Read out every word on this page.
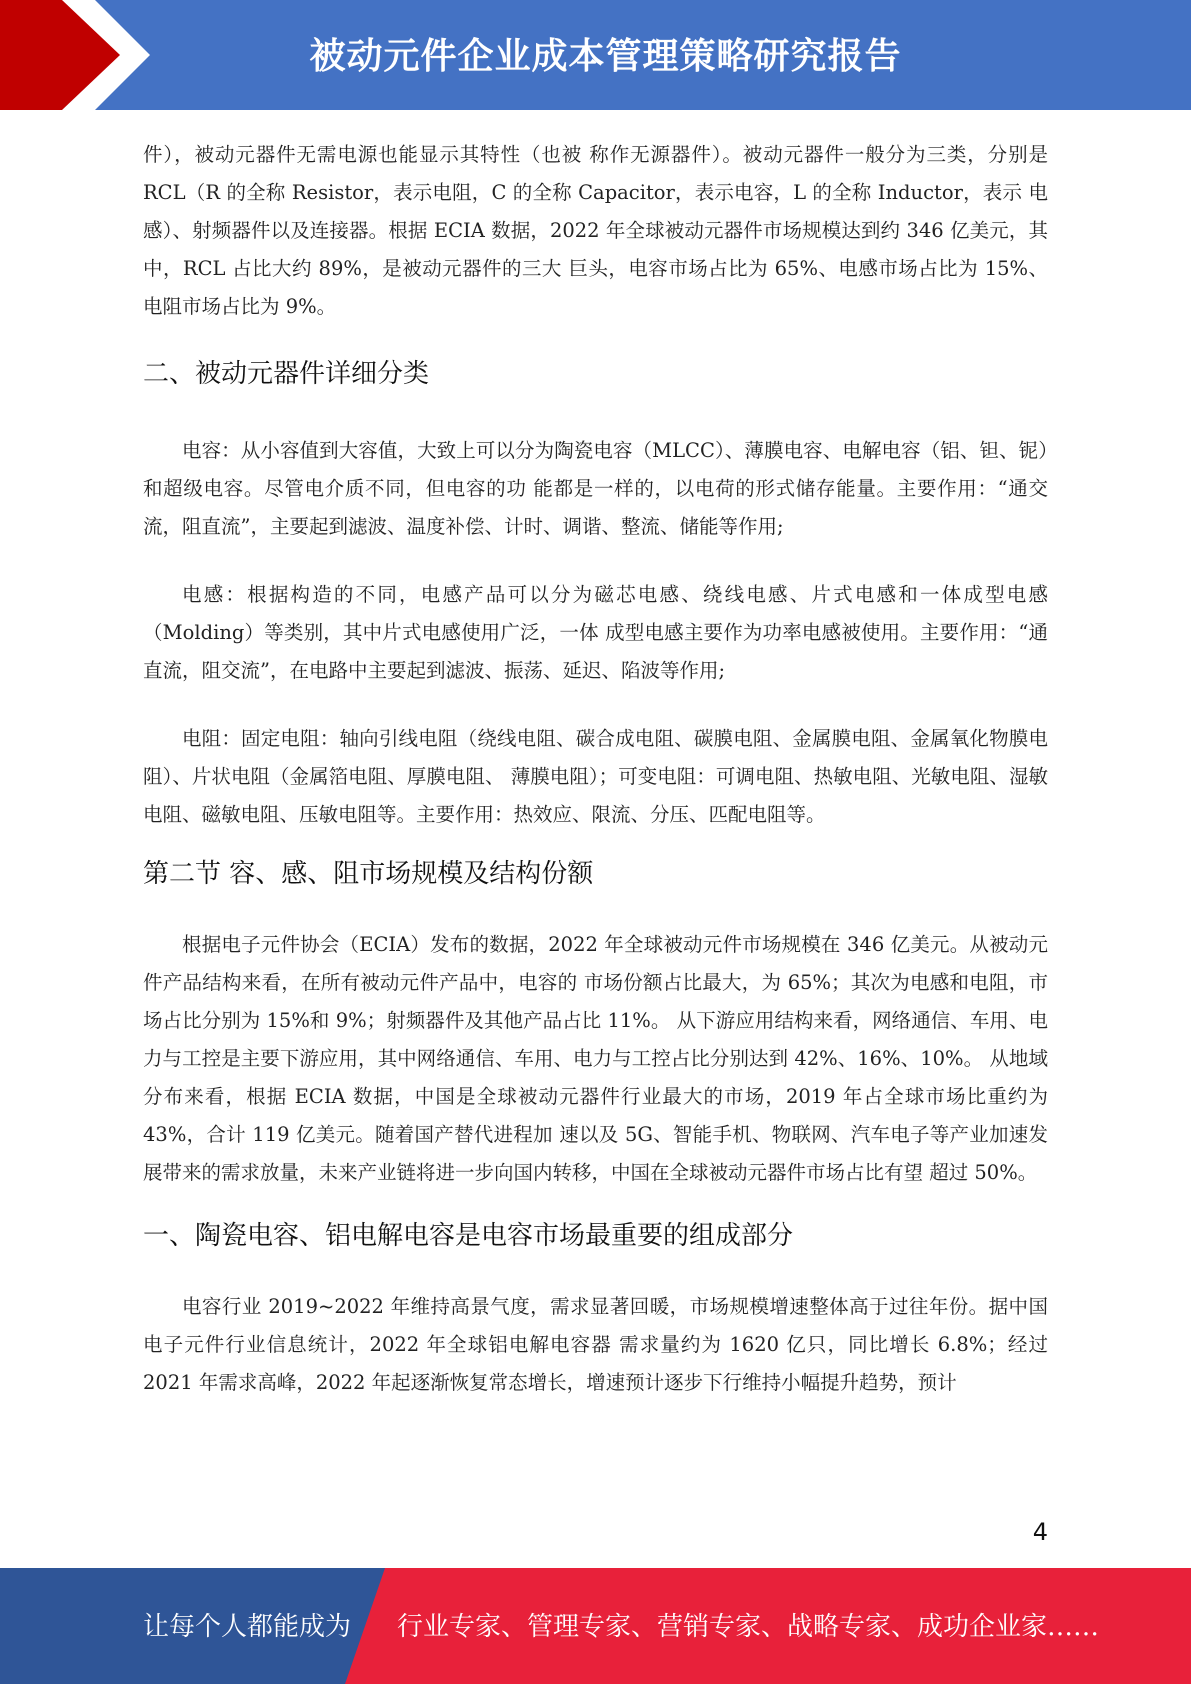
被动元件企业成本管理策略研究报告

件），被动元器件无需电源也能显示其特性（也被 称作无源器件）。被动元器件一般分为三类，分别是 RCL（R 的全称 Resistor，表示电阻，C 的全称 Capacitor，表示电容，L 的全称 Inductor，表示 电感）、射频器件以及连接器。根据 ECIA 数据，2022 年全球被动元器件市场规模达到约 346 亿美元，其中，RCL 占比大约 89%，是被动元器件的三大 巨头，电容市场占比为 65%、电感市场占比为 15%、电阻市场占比为 9%。

二、被动元器件详细分类

电容：从小容值到大容值，大致上可以分为陶瓷电容（MLCC）、薄膜电容、电解电容（铝、钽、铌）和超级电容。尽管电介质不同，但电容的功 能都是一样的，以电荷的形式储存能量。主要作用：“通交流，阻直流”，主要起到滤波、温度补偿、计时、调谐、整流、储能等作用;

电感：根据构造的不同，电感产品可以分为磁芯电感、绕线电感、片式电感和一体成型电感（Molding）等类别，其中片式电感使用广泛，一体 成型电感主要作为功率电感被使用。主要作用：“通直流，阻交流”，在电路中主要起到滤波、振荡、延迟、陷波等作用;

电阻：固定电阻：轴向引线电阻（绕线电阻、碳合成电阻、碳膜电阻、金属膜电阻、金属氧化物膜电阻）、片状电阻（金属箔电阻、厚膜电阻、 薄膜电阻）；可变电阻：可调电阻、热敏电阻、光敏电阻、湿敏电阻、磁敏电阻、压敏电阻等。主要作用：热效应、限流、分压、匹配电阻等。

第二节 容、感、阻市场规模及结构份额

根据电子元件协会（ECIA）发布的数据，2022 年全球被动元件市场规模在 346 亿美元。从被动元件产品结构来看，在所有被动元件产品中，电容的 市场份额占比最大，为 65%；其次为电感和电阻，市场占比分别为 15%和 9%；射频器件及其他产品占比 11%。 从下游应用结构来看，网络通信、车用、电力与工控是主要下游应用，其中网络通信、车用、电力与工控占比分别达到 42%、16%、10%。 从地域分布来看，根据 ECIA 数据，中国是全球被动元器件行业最大的市场，2019 年占全球市场比重约为 43%，合计 119 亿美元。随着国产替代进程加 速以及 5G、智能手机、物联网、汽车电子等产业加速发展带来的需求放量，未来产业链将进一步向国内转移，中国在全球被动元器件市场占比有望 超过 50%。

一、陶瓷电容、铝电解电容是电容市场最重要的组成部分

电容行业 2019~2022 年维持高景气度，需求显著回暖，市场规模增速整体高于过往年份。据中国电子元件行业信息统计，2022 年全球铝电解电容器 需求量约为 1620 亿只，同比增长 6.8%；经过 2021 年需求高峰，2022 年起逐渐恢复常态增长，增速预计逐步下行维持小幅提升趋势，预计

4
让每个人都能成为 行业专家、管理专家、营销专家、战略专家、成功企业家……
